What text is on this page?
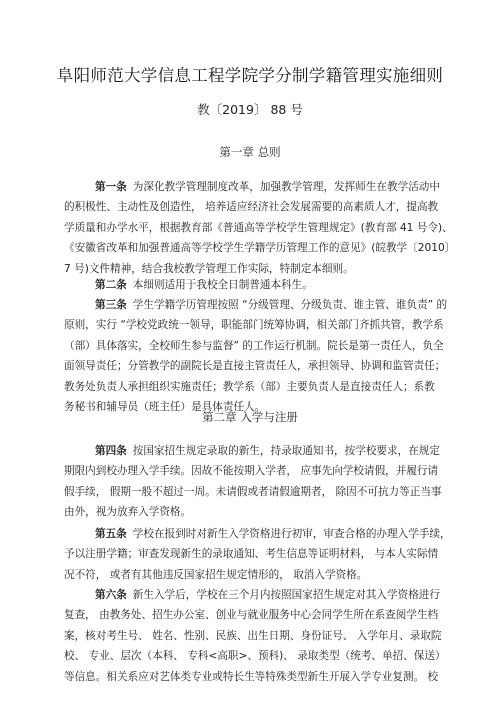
阜阳师范大学信息工程学院学分制学籍管理实施细则
教〔2019〕 88 号
第一章 总则
第一条 为深化教学管理制度改革，加强教学管理，发挥师生在教学活动中
的积极性、主动性及创造性， 培养适应经济社会发展需要的高素质人才，提高教
学质量和办学水平，根据教育部《普通高等学校学生管理规定》(教育部 41 号令)、
《安徽省改革和加强普通高等学校学生学籍学历管理工作的意见》(皖教学〔2010〕
7 号)文件精神，结合我校教学管理工作实际，特制定本细则。
第二条 本细则适用于我校全日制普通本科生。
第三条 学生学籍学历管理按照 “分级管理、分级负责、谁主管、谁负责” 的
原则，实行 “学校党政统一领导，职能部门统筹协调，相关部门齐抓共管，教学系
（部）具体落实，全校师生参与监督” 的工作运行机制。院长是第一责任人，负全
面领导责任；分管教学的副院长是直接主管责任人，承担领导、协调和监管责任；
教务处负责人承担组织实施责任；教学系（部）主要负责人是直接责任人；系教
务秘书和辅导员（班主任）是具体责任人。
第二章 入学与注册
第四条 按国家招生规定录取的新生，持录取通知书，按学校要求，在规定
期限内到校办理入学手续。因故不能按期入学者， 应事先向学校请假，并履行请
假手续， 假期一般不超过一周。未请假或者请假逾期者， 除因不可抗力等正当事
由外，视为放弃入学资格。
第五条 学校在报到时对新生入学资格进行初审，审查合格的办理入学手续，
予以注册学籍；审查发现新生的录取通知、考生信息等证明材料， 与本人实际情
况不符， 或者有其他违反国家招生规定情形的， 取消入学资格。
第六条 新生入学后，学校在三个月内按照国家招生规定对其入学资格进行
复查， 由教务处、招生办公室、创业与就业服务中心会同学生所在系查阅学生档
案，核对考生号、 姓名、性别、民族、出生日期、身份证号、 入学年月、录取院
校、 专业、层次（本科、 专科<高职>、预科)、 录取类型（统考、单招、保送）
等信息。相关系应对艺体类专业或特长生等特殊类型新生开展入学专业复测。 校
